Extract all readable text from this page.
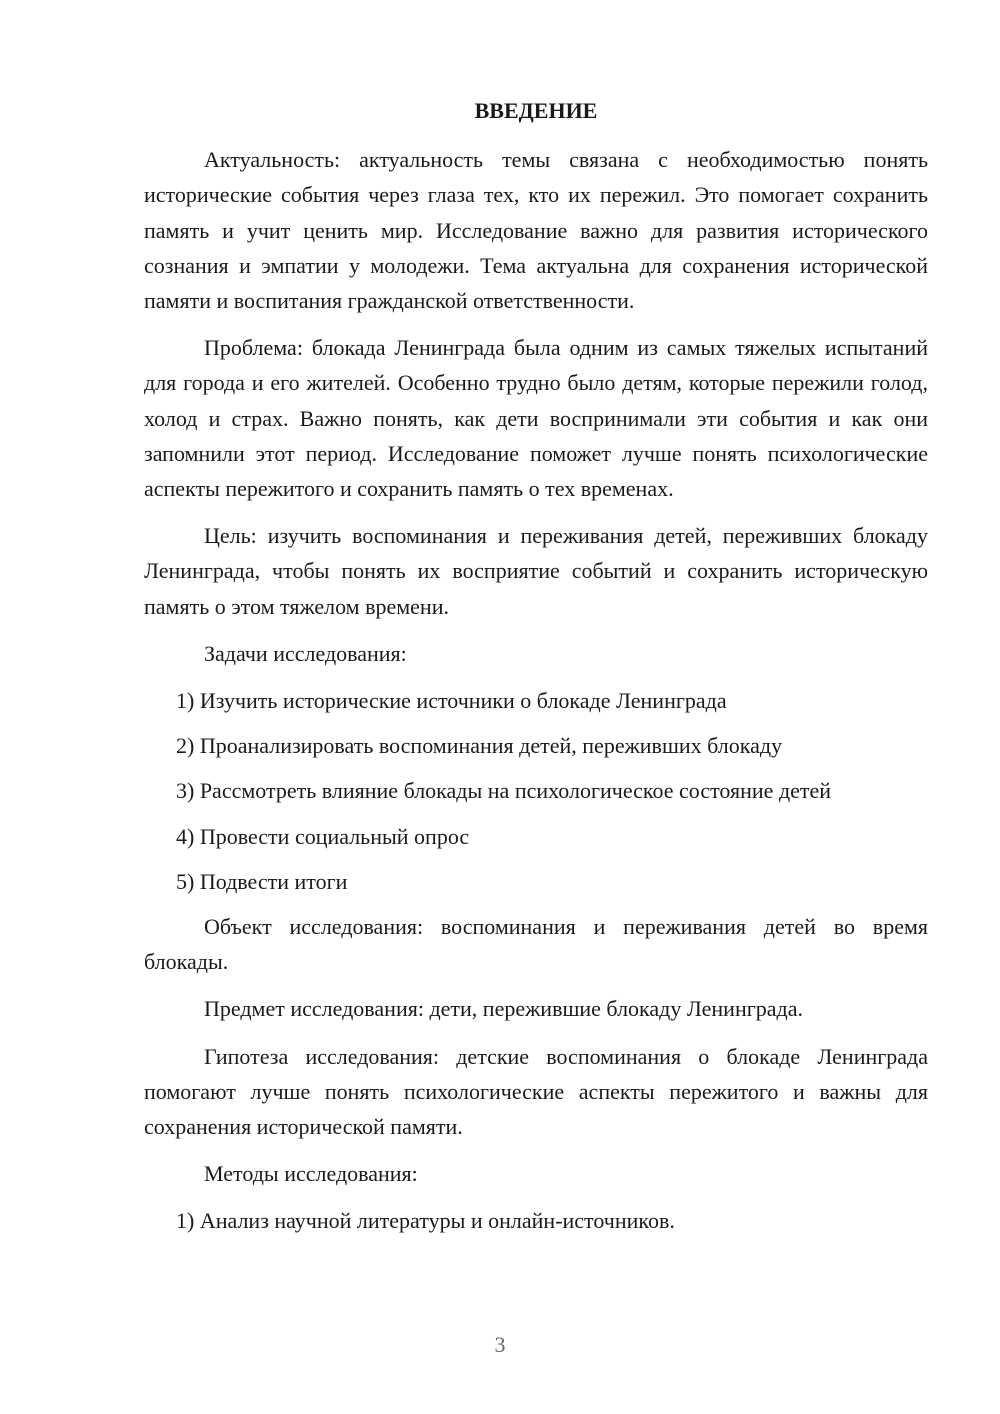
ВВЕДЕНИЕ

Актуальность: актуальность темы связана с необходимостью понять исторические события через глаза тех, кто их пережил. Это помогает сохранить память и учит ценить мир. Исследование важно для развития исторического сознания и эмпатии у молодежи. Тема актуальна для сохранения исторической памяти и воспитания гражданской ответственности.

Проблема: блокада Ленинграда была одним из самых тяжелых испытаний для города и его жителей. Особенно трудно было детям, которые пережили голод, холод и страх. Важно понять, как дети воспринимали эти события и как они запомнили этот период. Исследование поможет лучше понять психологические аспекты пережитого и сохранить память о тех временах.

Цель: изучить воспоминания и переживания детей, переживших блокаду Ленинграда, чтобы понять их восприятие событий и сохранить историческую память о этом тяжелом времени.

Задачи исследования:

1) Изучить исторические источники о блокаде Ленинграда
2) Проанализировать воспоминания детей, переживших блокаду
3) Рассмотреть влияние блокады на психологическое состояние детей
4) Провести социальный опрос
5) Подвести итоги

Объект исследования: воспоминания и переживания детей во время блокады.

Предмет исследования: дети, пережившие блокаду Ленинграда.

Гипотеза исследования: детские воспоминания о блокаде Ленинграда помогают лучше понять психологические аспекты пережитого и важны для сохранения исторической памяти.

Методы исследования:

1) Анализ научной литературы и онлайн-источников.
3
